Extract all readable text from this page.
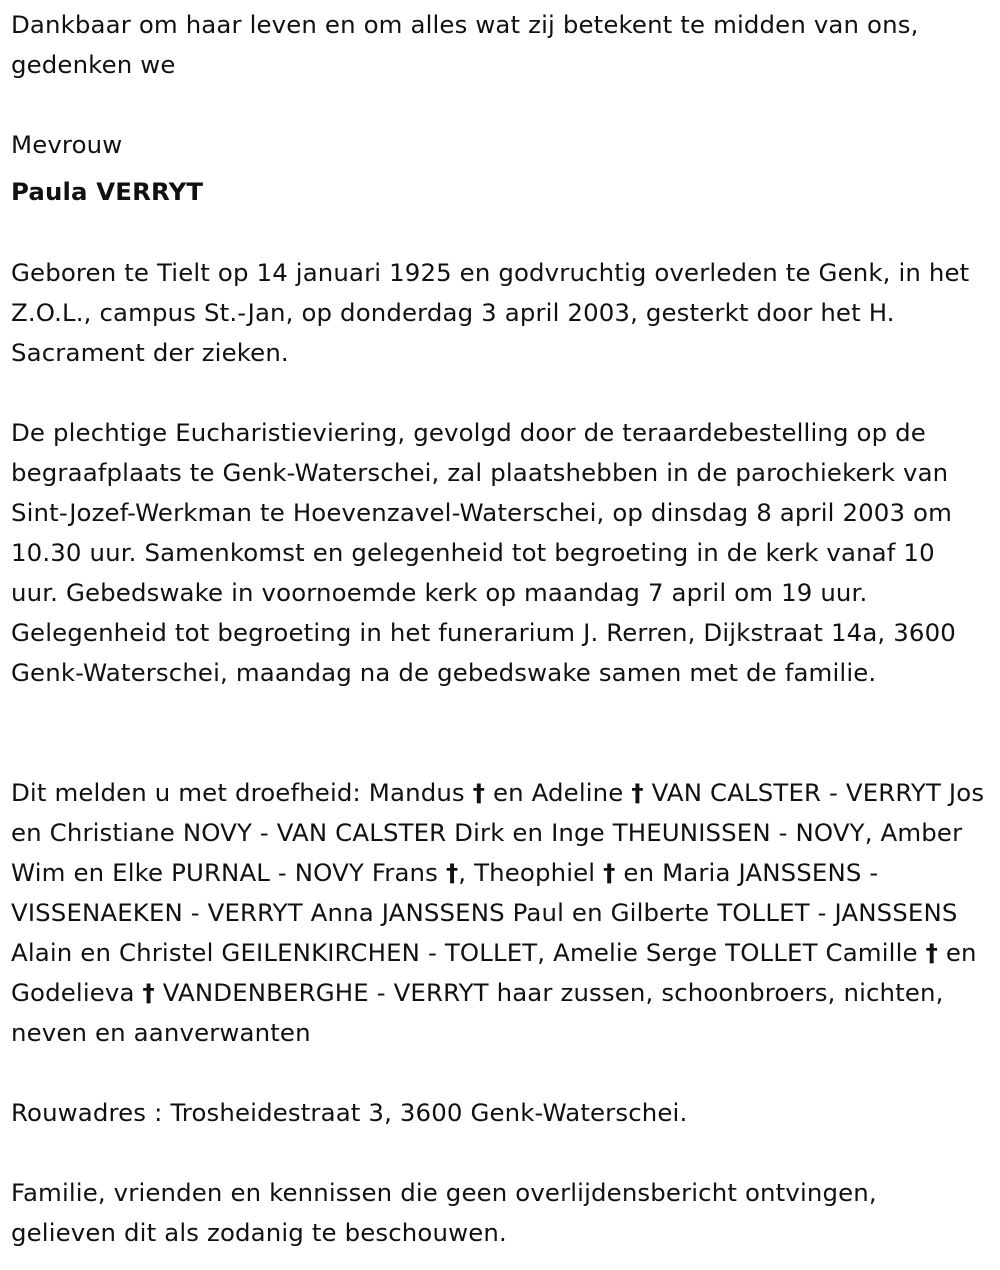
Dankbaar om haar leven en om alles wat zij betekent te midden van ons, gedenken we

Mevrouw

Paula VERRYT

Geboren te Tielt op 14 januari 1925 en godvruchtig overleden te Genk, in het Z.O.L., campus St.-Jan, op donderdag 3 april 2003, gesterkt door het H. Sacrament der zieken.

De plechtige Eucharistieviering, gevolgd door de teraardebestelling op de begraafplaats te Genk-Waterschei, zal plaatshebben in de parochiekerk van Sint-Jozef-Werkman te Hoevenzavel-Waterschei, op dinsdag 8 april 2003 om 10.30 uur. Samenkomst en gelegenheid tot begroeting in de kerk vanaf 10 uur. Gebedswake in voornoemde kerk op maandag 7 april om 19 uur. Gelegenheid tot begroeting in het funerarium J. Rerren, Dijkstraat 14a, 3600 Genk-Waterschei, maandag na de gebedswake samen met de familie.

Dit melden u met droefheid: Mandus † en Adeline † VAN CALSTER - VERRYT Jos en Christiane NOVY - VAN CALSTER Dirk en Inge THEUNISSEN - NOVY, Amber Wim en Elke PURNAL - NOVY Frans †, Theophiel † en Maria JANSSENS - VISSENAEKEN - VERRYT Anna JANSSENS Paul en Gilberte TOLLET - JANSSENS Alain en Christel GEILENKIRCHEN - TOLLET, Amelie Serge TOLLET Camille † en Godelieva † VANDENBERGHE - VERRYT haar zussen, schoonbroers, nichten, neven en aanverwanten

Rouwadres : Trosheidestraat 3, 3600 Genk-Waterschei.

Familie, vrienden en kennissen die geen overlijdensbericht ontvingen, gelieven dit als zodanig te beschouwen.
